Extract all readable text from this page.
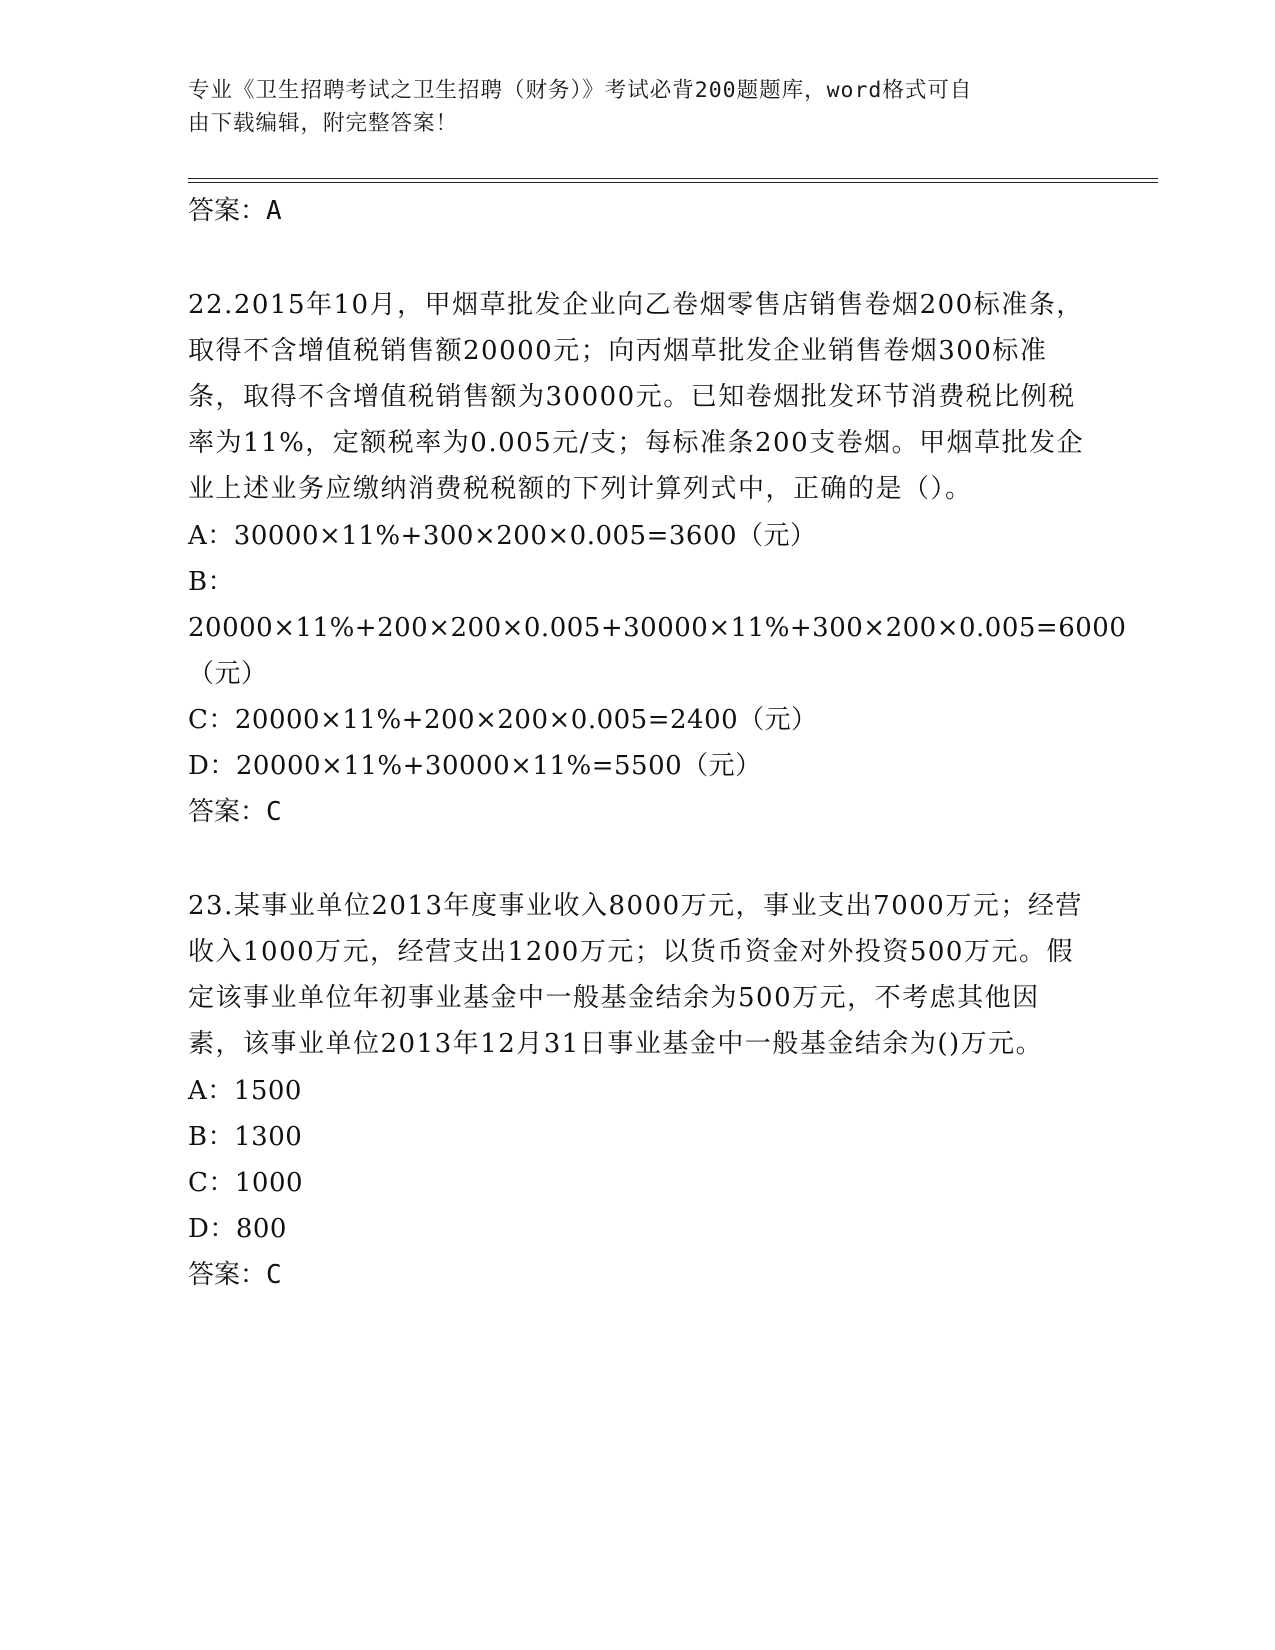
专业《卫生招聘考试之卫生招聘（财务）》考试必背200题题库，word格式可自
由下载编辑，附完整答案！
答案：A

22.2015年10月，甲烟草批发企业向乙卷烟零售店销售卷烟200标准条，取得不含增值税销售额20000元；向丙烟草批发企业销售卷烟300标准条，取得不含增值税销售额为30000元。已知卷烟批发环节消费税比例税率为11%，定额税率为0.005元/支；每标准条200支卷烟。甲烟草批发企业上述业务应缴纳消费税税额的下列计算列式中，正确的是（）。

A：30000×11%+300×200×0.005=3600（元）

B：20000×11%+200×200×0.005+30000×11%+300×200×0.005=6000（元）

C：20000×11%+200×200×0.005=2400（元）

D：20000×11%+30000×11%=5500（元）

答案：C

23.某事业单位2013年度事业收入8000万元，事业支出7000万元；经营收入1000万元，经营支出1200万元；以货币资金对外投资500万元。假定该事业单位年初事业基金中一般基金结余为500万元，不考虑其他因素，该事业单位2013年12月31日事业基金中一般基金结余为()万元。

A：1500

B：1300

C：1000

D：800

答案：C
